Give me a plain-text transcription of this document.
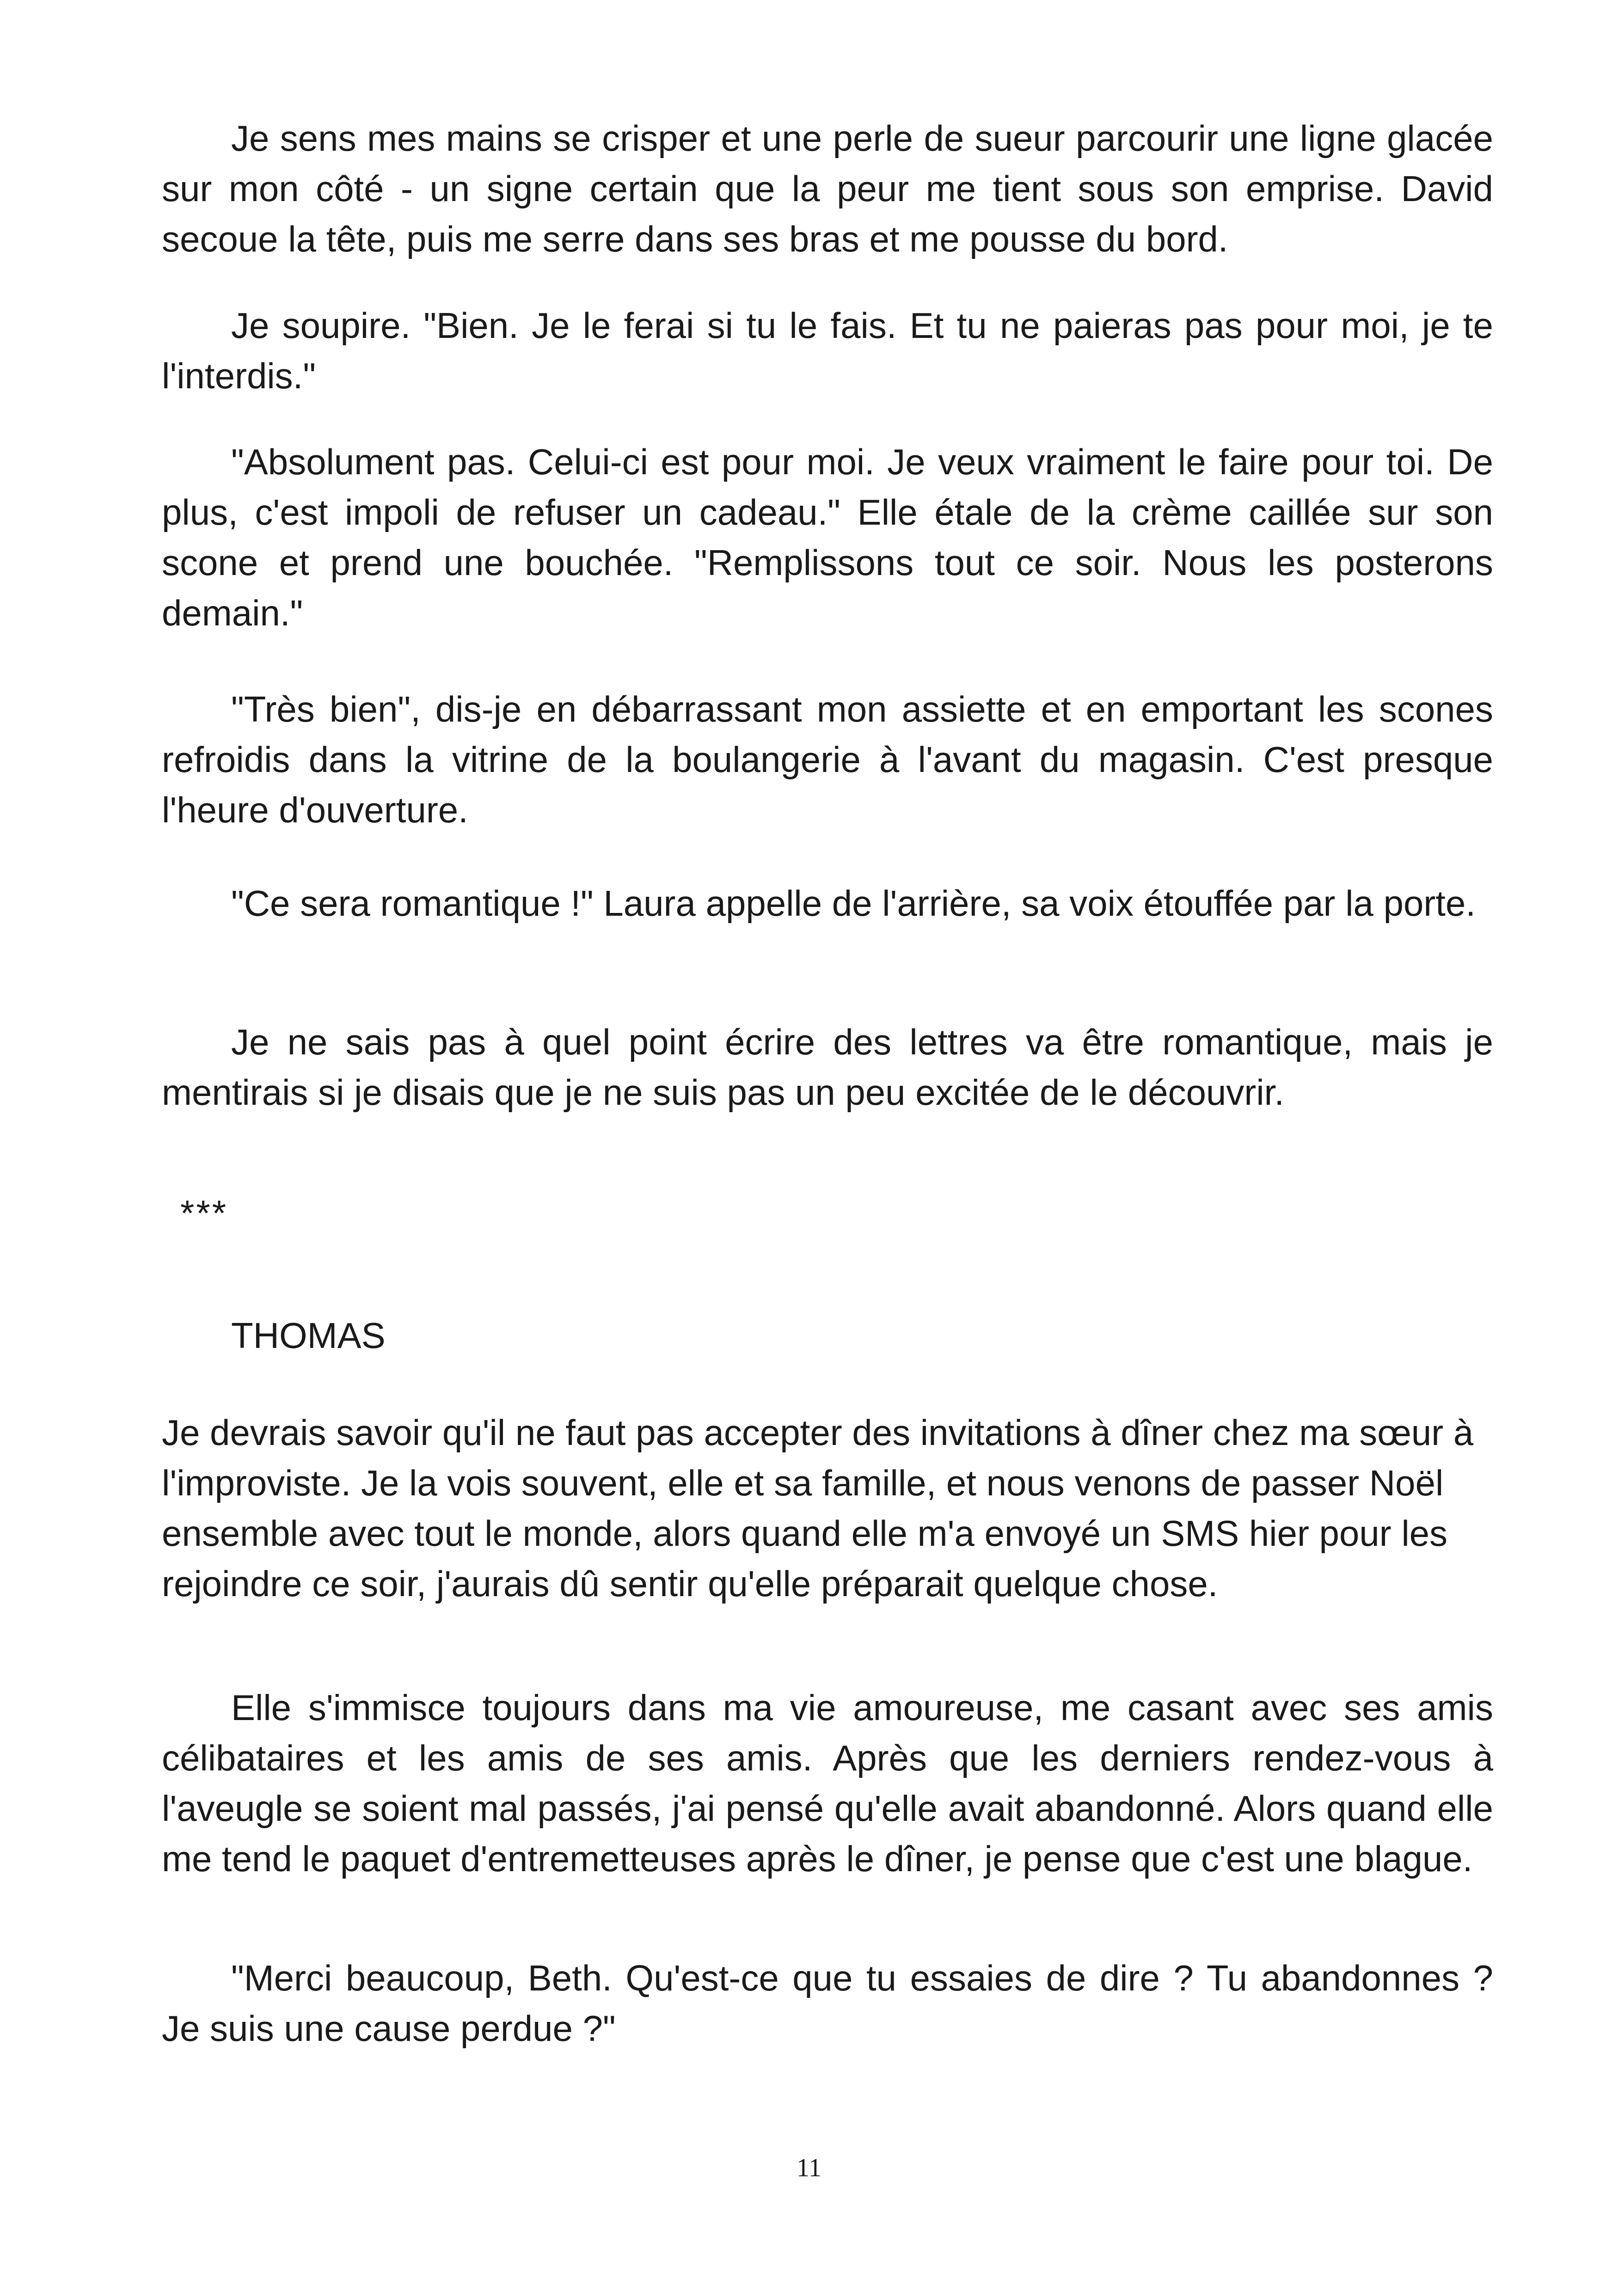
Je sens mes mains se crisper et une perle de sueur parcourir une ligne glacée sur mon côté - un signe certain que la peur me tient sous son emprise. David secoue la tête, puis me serre dans ses bras et me pousse du bord.

Je soupire. "Bien. Je le ferai si tu le fais. Et tu ne paieras pas pour moi, je te l'interdis."

"Absolument pas. Celui-ci est pour moi. Je veux vraiment le faire pour toi. De plus, c'est impoli de refuser un cadeau." Elle étale de la crème caillée sur son scone et prend une bouchée. "Remplissons tout ce soir. Nous les posterons demain."

"Très bien", dis-je en débarrassant mon assiette et en emportant les scones refroidis dans la vitrine de la boulangerie à l'avant du magasin. C'est presque l'heure d'ouverture.

"Ce sera romantique !" Laura appelle de l'arrière, sa voix étouffée par la porte.

Je ne sais pas à quel point écrire des lettres va être romantique, mais je mentirais si je disais que je ne suis pas un peu excitée de le découvrir.

***

THOMAS

Je devrais savoir qu'il ne faut pas accepter des invitations à dîner chez ma sœur à l'improviste. Je la vois souvent, elle et sa famille, et nous venons de passer Noël ensemble avec tout le monde, alors quand elle m'a envoyé un SMS hier pour les rejoindre ce soir, j'aurais dû sentir qu'elle préparait quelque chose.

Elle s'immisce toujours dans ma vie amoureuse, me casant avec ses amis célibataires et les amis de ses amis. Après que les derniers rendez-vous à l'aveugle se soient mal passés, j'ai pensé qu'elle avait abandonné. Alors quand elle me tend le paquet d'entremetteuses après le dîner, je pense que c'est une blague.

"Merci beaucoup, Beth. Qu'est-ce que tu essaies de dire ? Tu abandonnes ? Je suis une cause perdue ?"

11
